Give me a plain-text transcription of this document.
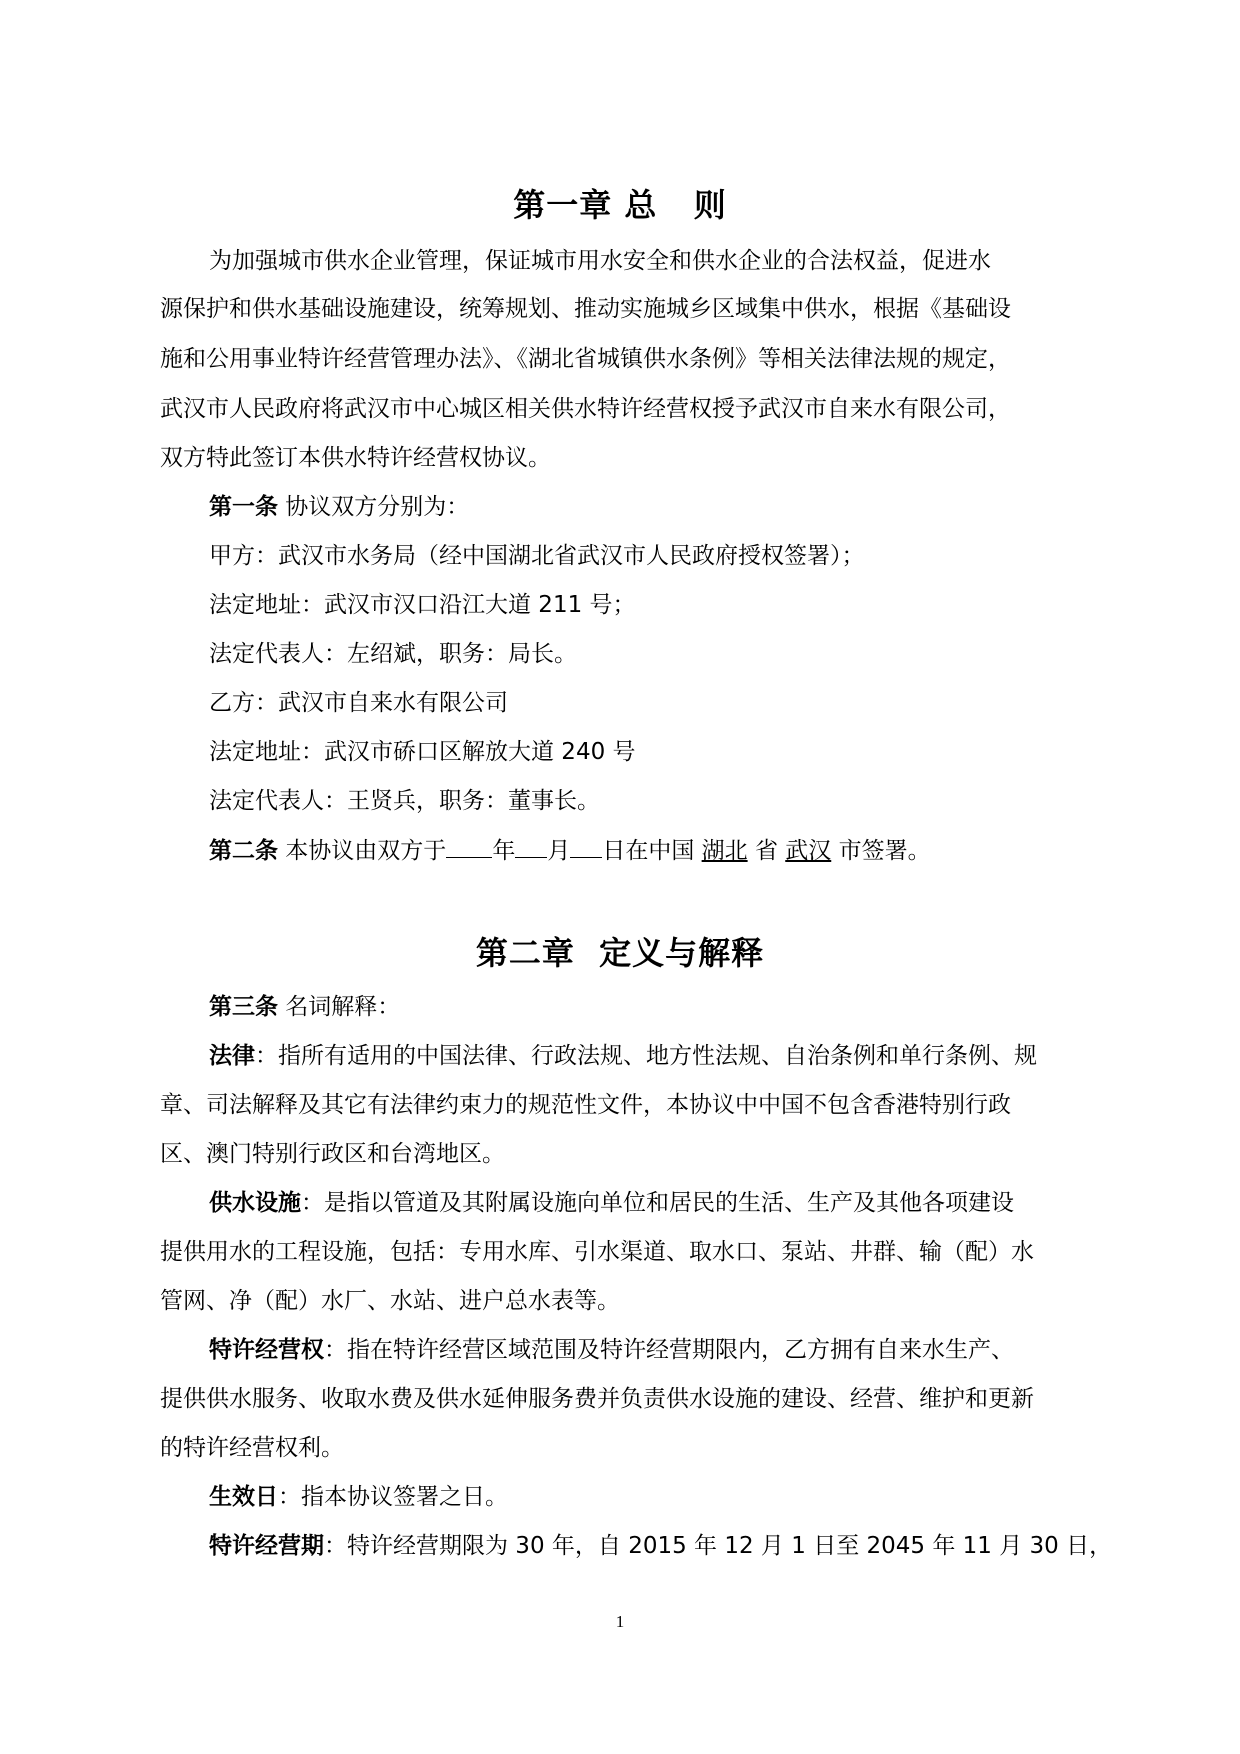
第一章 总   则
为加强城市供水企业管理，保证城市用水安全和供水企业的合法权益，促进水
源保护和供水基础设施建设，统筹规划、推动实施城乡区域集中供水，根据《基础设
施和公用事业特许经营管理办法》、《湖北省城镇供水条例》等相关法律法规的规定，
武汉市人民政府将武汉市中心城区相关供水特许经营权授予武汉市自来水有限公司，
双方特此签订本供水特许经营权协议。
第一条 协议双方分别为：
甲方：武汉市水务局（经中国湖北省武汉市人民政府授权签署）；
法定地址：武汉市汉口沿江大道 211 号；
法定代表人：左绍斌，职务：局长。
乙方：武汉市自来水有限公司
法定地址：武汉市硚口区解放大道 240 号
法定代表人：王贤兵，职务：董事长。
第二条 本协议由双方于 年 月 日在中国 湖北 省 武汉 市签署。
第二章  定义与解释
第三条 名词解释：
法律：指所有适用的中国法律、行政法规、地方性法规、自治条例和单行条例、规
章、司法解释及其它有法律约束力的规范性文件，本协议中中国不包含香港特别行政
区、澳门特别行政区和台湾地区。
供水设施：是指以管道及其附属设施向单位和居民的生活、生产及其他各项建设
提供用水的工程设施，包括：专用水库、引水渠道、取水口、泵站、井群、输（配）水
管网、净（配）水厂、水站、进户总水表等。
特许经营权：指在特许经营区域范围及特许经营期限内，乙方拥有自来水生产、
提供供水服务、收取水费及供水延伸服务费并负责供水设施的建设、经营、维护和更新
的特许经营权利。
生效日：指本协议签署之日。
特许经营期：特许经营期限为 30 年，自 2015 年 12 月 1 日至 2045 年 11 月 30 日，
1
